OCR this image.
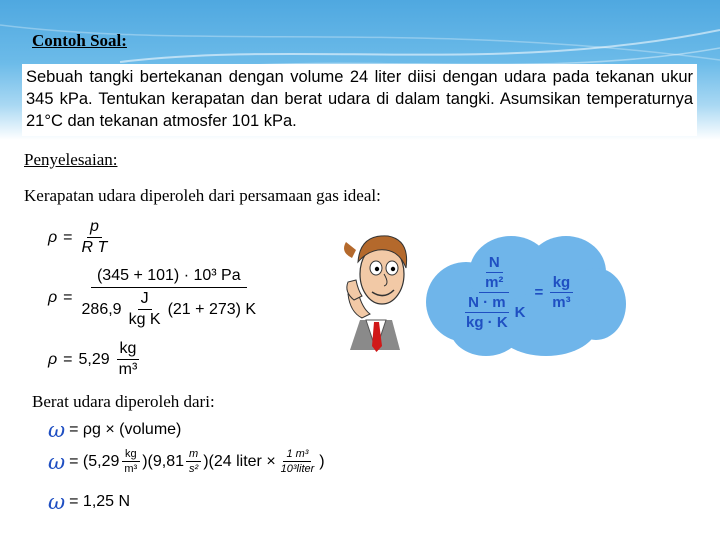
Contoh Soal:
Sebuah tangki bertekanan dengan volume 24 liter diisi dengan udara pada tekanan ukur 345 kPa. Tentukan kerapatan dan berat udara di dalam tangki. Asumsikan temperaturnya 21°C dan tekanan atmosfer 101 kPa.
Penyelesaian:
Kerapatan udara diperoleh dari persamaan gas ideal:
$\rho = \frac{p}{\text{R T}}$
ρ =
(345 + 101) · 10³ Pa
$286,9 \frac{J}{\text{kg K}} (21 + 273)$ K
$\rho = 5,29 \frac{kg}{\text{m³}}$
$\frac{\frac{N}{\text{m²}}}{\frac{N \cdot m}{kg \cdot K} K} = \frac{kg}{\text{m³}}$
Berat udara diperoleh dari:
ω = ρg × (volume)
$\omega = (5,29 \frac{kg}{\text{m³}} )(9,81 \frac{m}{\text{s²}} )(24$ liter × $\frac{\text{1 m³}}{\text{10³liter}}$ )
ω = 1,25 N
